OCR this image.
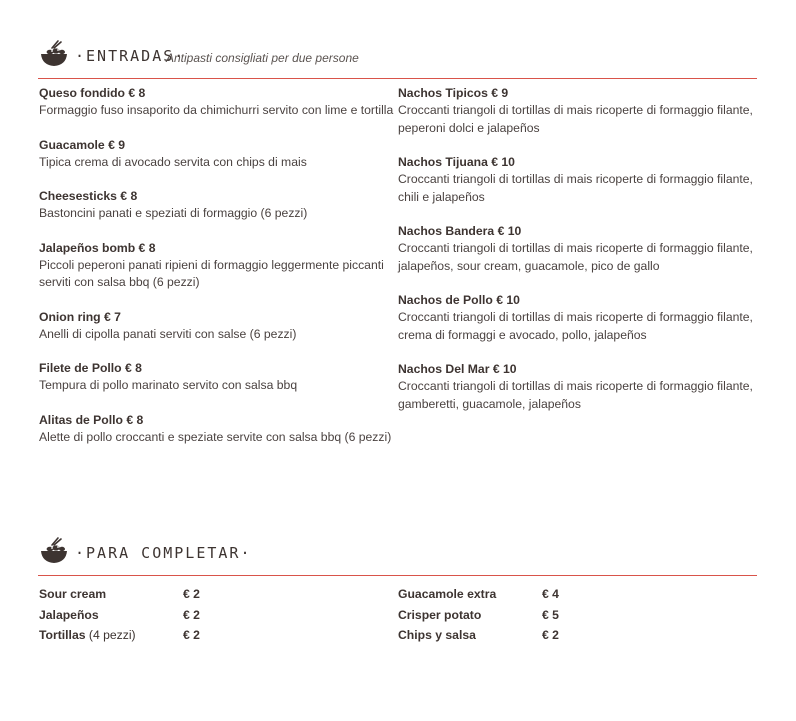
·ENTRADAS·
Antipasti consigliati per due persone
Queso fondido € 8
Formaggio fuso insaporito da chimichurri servito con lime e tortilla
Guacamole € 9
Tipica crema di avocado servita con chips di mais
Cheesesticks € 8
Bastoncini panati e speziati di formaggio (6 pezzi)
Jalapeños bomb € 8
Piccoli peperoni panati ripieni di formaggio leggermente piccanti serviti con salsa bbq (6 pezzi)
Onion ring € 7
Anelli di cipolla panati serviti con salse (6 pezzi)
Filete de Pollo € 8
Tempura di pollo marinato servito con salsa bbq
Alitas de Pollo € 8
Alette di pollo croccanti e speziate servite con salsa bbq (6 pezzi)
Nachos Tipicos € 9
Croccanti triangoli di tortillas di mais ricoperte di formaggio filante, peperoni dolci e jalapeños
Nachos Tijuana € 10
Croccanti triangoli di tortillas di mais ricoperte di formaggio filante, chili e jalapeños
Nachos Bandera € 10
Croccanti triangoli di tortillas di mais ricoperte di formaggio filante, jalapeños, sour cream, guacamole, pico de gallo
Nachos de Pollo € 10
Croccanti triangoli di tortillas di mais ricoperte di formaggio filante, crema di formaggi e avocado, pollo, jalapeños
Nachos Del Mar € 10
Croccanti triangoli di tortillas di mais ricoperte di formaggio filante, gamberetti, guacamole, jalapeños
·PARA COMPLETAR·
Sour cream	€ 2
Jalapeños	€ 2
Tortillas (4 pezzi)	€ 2
Guacamole extra	€ 4
Crisper potato	€ 5
Chips y salsa	€ 2
